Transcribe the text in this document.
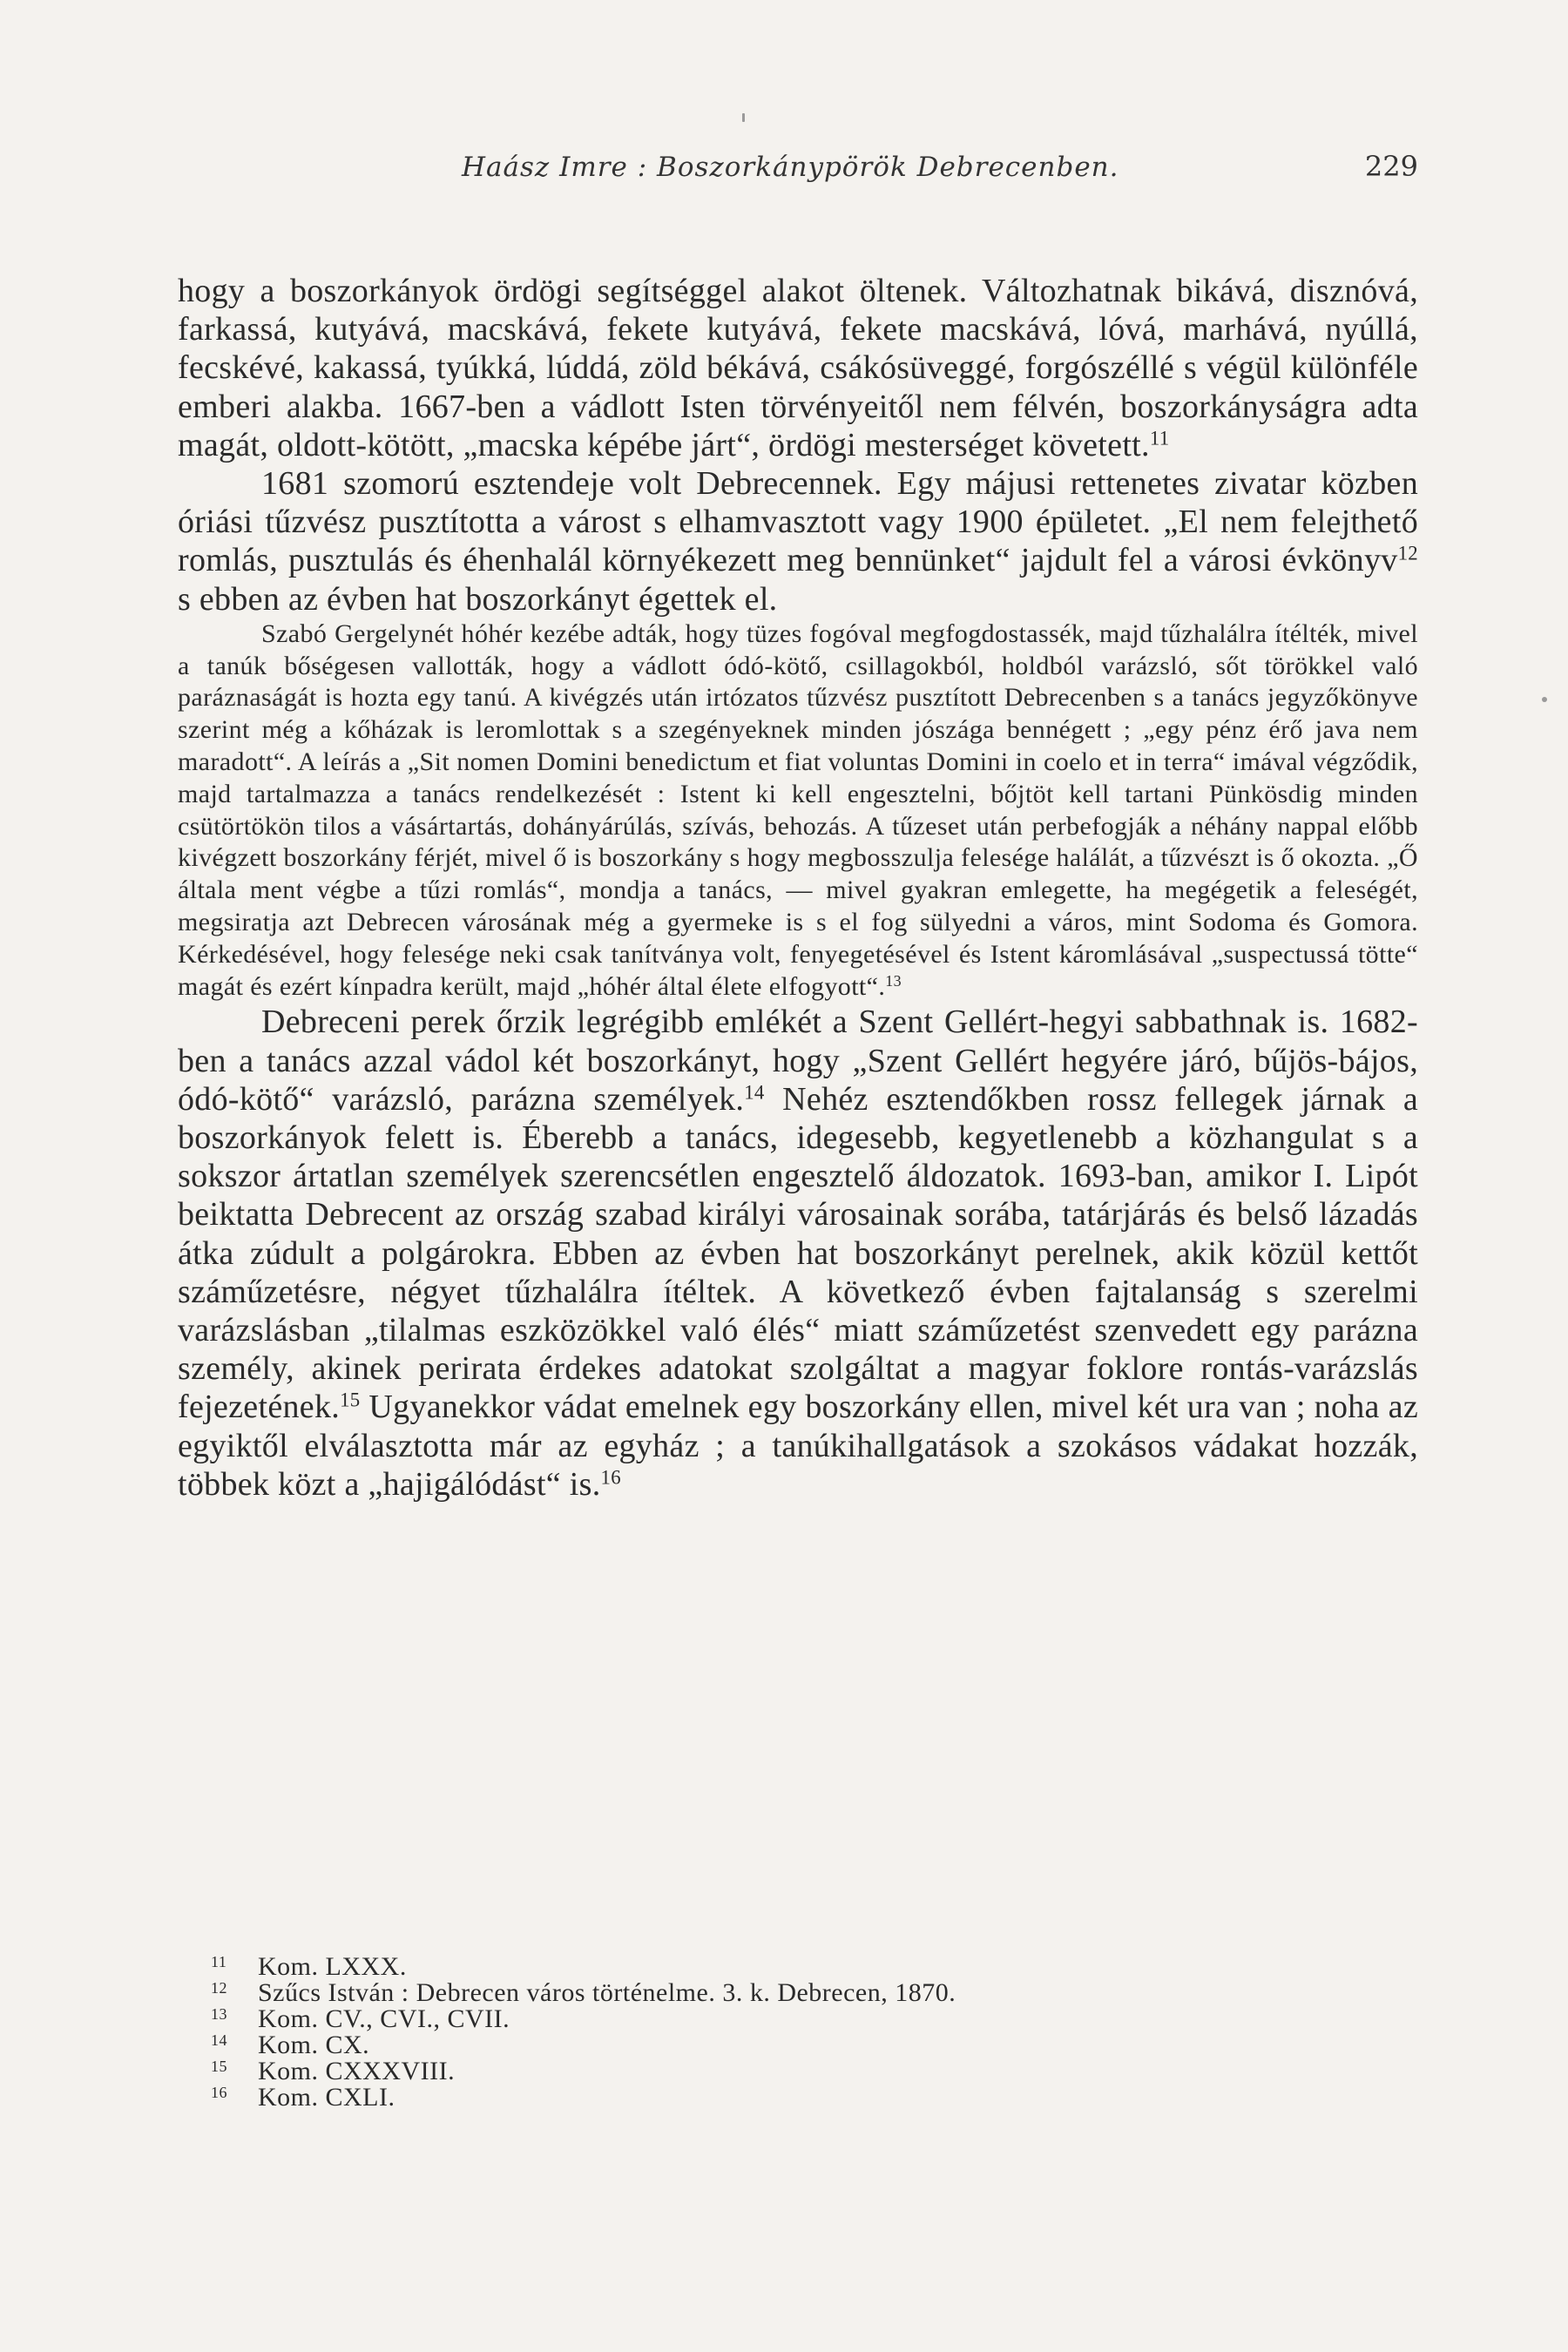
Haász Imre : Boszorkánypörök Debrecenben.	229

hogy a boszorkányok ördögi segítséggel alakot öltenek. Változhatnak bikává, disznóvá, farkassá, kutyává, macskává, fekete kutyává, fekete macskává, lóvá, marhává, nyúllá, fecskévé, kakassá, tyúkká, lúddá, zöld békává, csákósüveggé, forgószéllé s végül különféle emberi alakba. 1667-ben a vádlott Isten törvényeitől nem félvén, boszorkányságra adta magát, oldott-kötött, „macska képébe járt“, ördögi mesterséget követett.$^{11}$

1681 szomorú esztendeje volt Debrecennek. Egy májusi rettenetes zivatar közben óriási tűzvész pusztította a várost s elhamvasztott vagy 1900 épületet. „El nem felejthető romlás, pusztulás és éhenhalál környékezett meg bennünket“ jajdult fel a városi évkönyv$^{12}$ s ebben az évben hat boszorkányt égettek el.

Szabó Gergelynét hóhér kezébe adták, hogy tüzes fogóval megfogdostassék, majd tűzhalálra ítélték, mivel a tanúk bőségesen vallották, hogy a vádlott ódó-kötő, csillagokból, holdból varázsló, sőt törökkel való paráznaságát is hozta egy tanú. A kivégzés után irtózatos tűzvész pusztított Debrecenben s a tanács jegyzőkönyve szerint még a kőházak is leromlottak s a szegényeknek minden jószága bennégett ; „egy pénz érő java nem maradott“. A leírás a „Sit nomen Domini benedictum et fiat voluntas Domini in coelo et in terra“ imával végződik, majd tartalmazza a tanács rendelkezését : Istent ki kell engesztelni, bőjtöt kell tartani Pünkösdig minden csütörtökön tilos a vásártartás, dohányárúlás, szívás, behozás. A tűzeset után perbefogják a néhány nappal előbb kivégzett boszorkány férjét, mivel ő is boszorkány s hogy megbosszulja felesége halálát, a tűzvészt is ő okozta. „Ő általa ment végbe a tűzi romlás“, mondja a tanács, — mivel gyakran emlegette, ha megégetik a feleségét, megsiratja azt Debrecen városának még a gyermeke is s el fog sülyedni a város, mint Sodoma és Gomora. Kérkedésével, hogy felesége neki csak tanítványa volt, fenyegetésével és Istent káromlásával „suspectussá tötte“ magát és ezért kínpadra került, majd „hóhér által élete elfogyott“.$^{13}$

Debreceni perek őrzik legrégibb emlékét a Szent Gellért-hegyi sabbathnak is. 1682-ben a tanács azzal vádol két boszorkányt, hogy „Szent Gellért hegyére járó, bűjös-bájos, ódó-kötő“ varázsló, parázna személyek.$^{14}$ Nehéz esztendőkben rossz fellegek járnak a boszorkányok felett is. Éberebb a tanács, idegesebb, kegyetlenebb a közhangulat s a sokszor ártatlan személyek szerencsétlen engesztelő áldozatok. 1693-ban, amikor I. Lipót beiktatta Debrecent az ország szabad királyi városainak sorába, tatárjárás és belső lázadás átka zúdult a polgárokra. Ebben az évben hat boszorkányt perelnek, akik közül kettőt száműzetésre, négyet tűzhalálra ítéltek. A következő évben fajtalanság s szerelmi varázslásban „tilalmas eszközökkel való élés“ miatt száműzetést szenvedett egy parázna személy, akinek perirata érdekes adatokat szolgáltat a magyar foklore rontás-varázslás fejezetének.$^{15}$ Ugyanekkor vádat emelnek egy boszorkány ellen, mivel két ura van ; noha az egyiktől elválasztotta már az egyház ; a tanúkihallgatások a szokásos vádakat hozzák, többek közt a „hajigálódást“ is.$^{16}$

11 Kom. LXXX.

12 Szűcs István : Debrecen város történelme. 3. k. Debrecen, 1870.

13 Kom. CV., CVI., CVII.

14 Kom. CX.

15 Kom. CXXXVIII.

16 Kom. CXLI.
